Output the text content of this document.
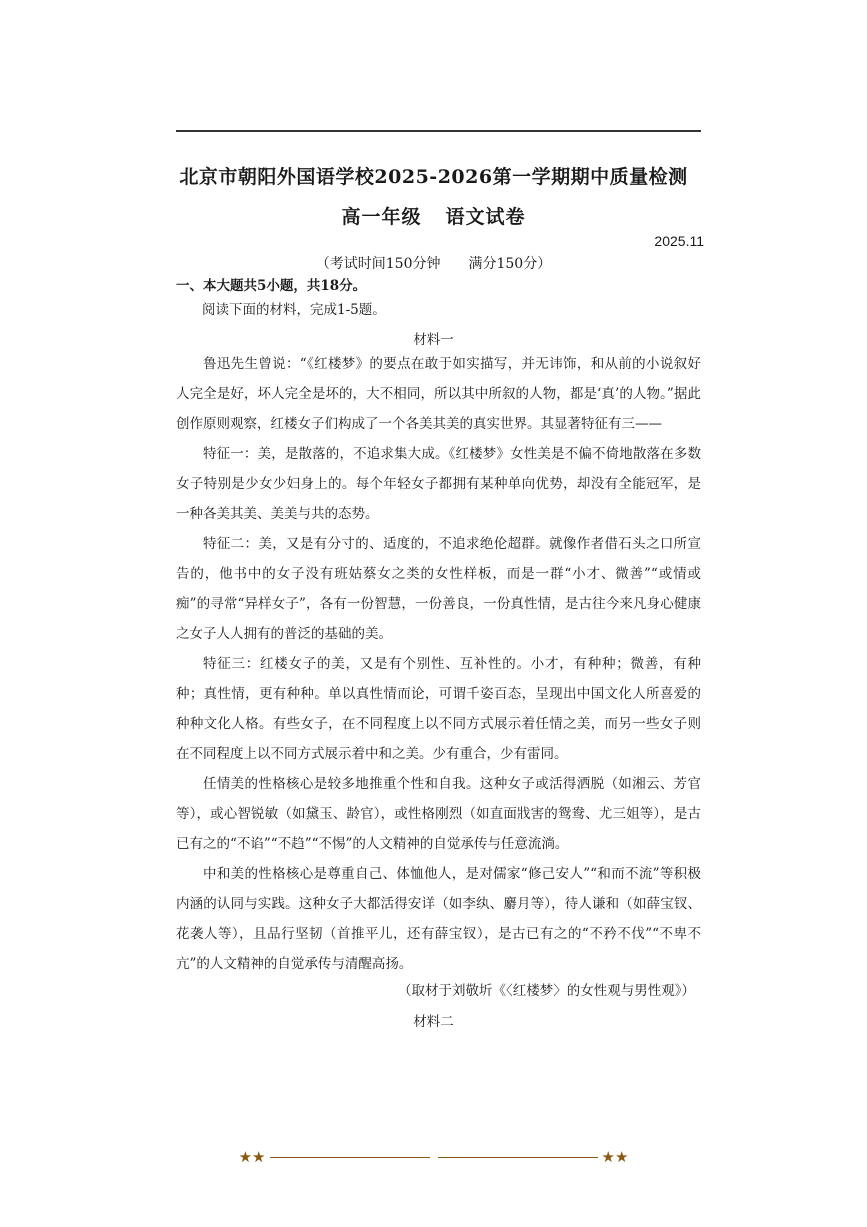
北京市朝阳外国语学校2025-2026第一学期期中质量检测
高一年级 语文试卷
2025.11
（考试时间150分钟　　满分150分）
一、本大题共5小题，共18分。
阅读下面的材料，完成1-5题。
材料一

鲁迅先生曾说：“《红楼梦》的要点在敢于如实描写，并无讳饰，和从前的小说叙好人完全是好，坏人完全是坏的，大不相同，所以其中所叙的人物，都是‘真’的人物。”据此创作原则观察，红楼女子们构成了一个各美其美的真实世界。其显著特征有三——

特征一：美，是散落的，不追求集大成。《红楼梦》女性美是不偏不倚地散落在多数女子特别是少女少妇身上的。每个年轻女子都拥有某种单向优势，却没有全能冠军，是一种各美其美、美美与共的态势。

特征二：美，又是有分寸的、适度的，不追求绝伦超群。就像作者借石头之口所宣告的，他书中的女子没有班姑蔡女之类的女性样板，而是一群“小才、微善”“或情或痴”的寻常“异样女子”，各有一份智慧，一份善良，一份真性情，是古往今来凡身心健康之女子人人拥有的普泛的基础的美。

特征三：红楼女子的美，又是有个别性、互补性的。小才，有种种；微善，有种种；真性情，更有种种。单以真性情而论，可谓千姿百态，呈现出中国文化人所喜爱的种种文化人格。有些女子，在不同程度上以不同方式展示着任情之美，而另一些女子则在不同程度上以不同方式展示着中和之美。少有重合，少有雷同。

任情美的性格核心是较多地推重个性和自我。这种女子或活得洒脱（如湘云、芳官等），或心智锐敏（如黛玉、龄官），或性格刚烈（如直面戕害的鸳鸯、尤三姐等），是古已有之的“不谄”“不趋”“不惕”的人文精神的自觉承传与任意流淌。

中和美的性格核心是尊重自己、体恤他人，是对儒家“修己安人”“和而不流”等积极内涵的认同与实践。这种女子大都活得安详（如李纨、麝月等），待人谦和（如薛宝钗、花袭人等），且品行坚韧（首推平儿，还有薛宝钗），是古已有之的“不矜不伐”“不卑不亢”的人文精神的自觉承传与清醒高扬。

（取材于刘敬圻《〈红楼梦〉的女性观与男性观》）
材料二
★★	★★
